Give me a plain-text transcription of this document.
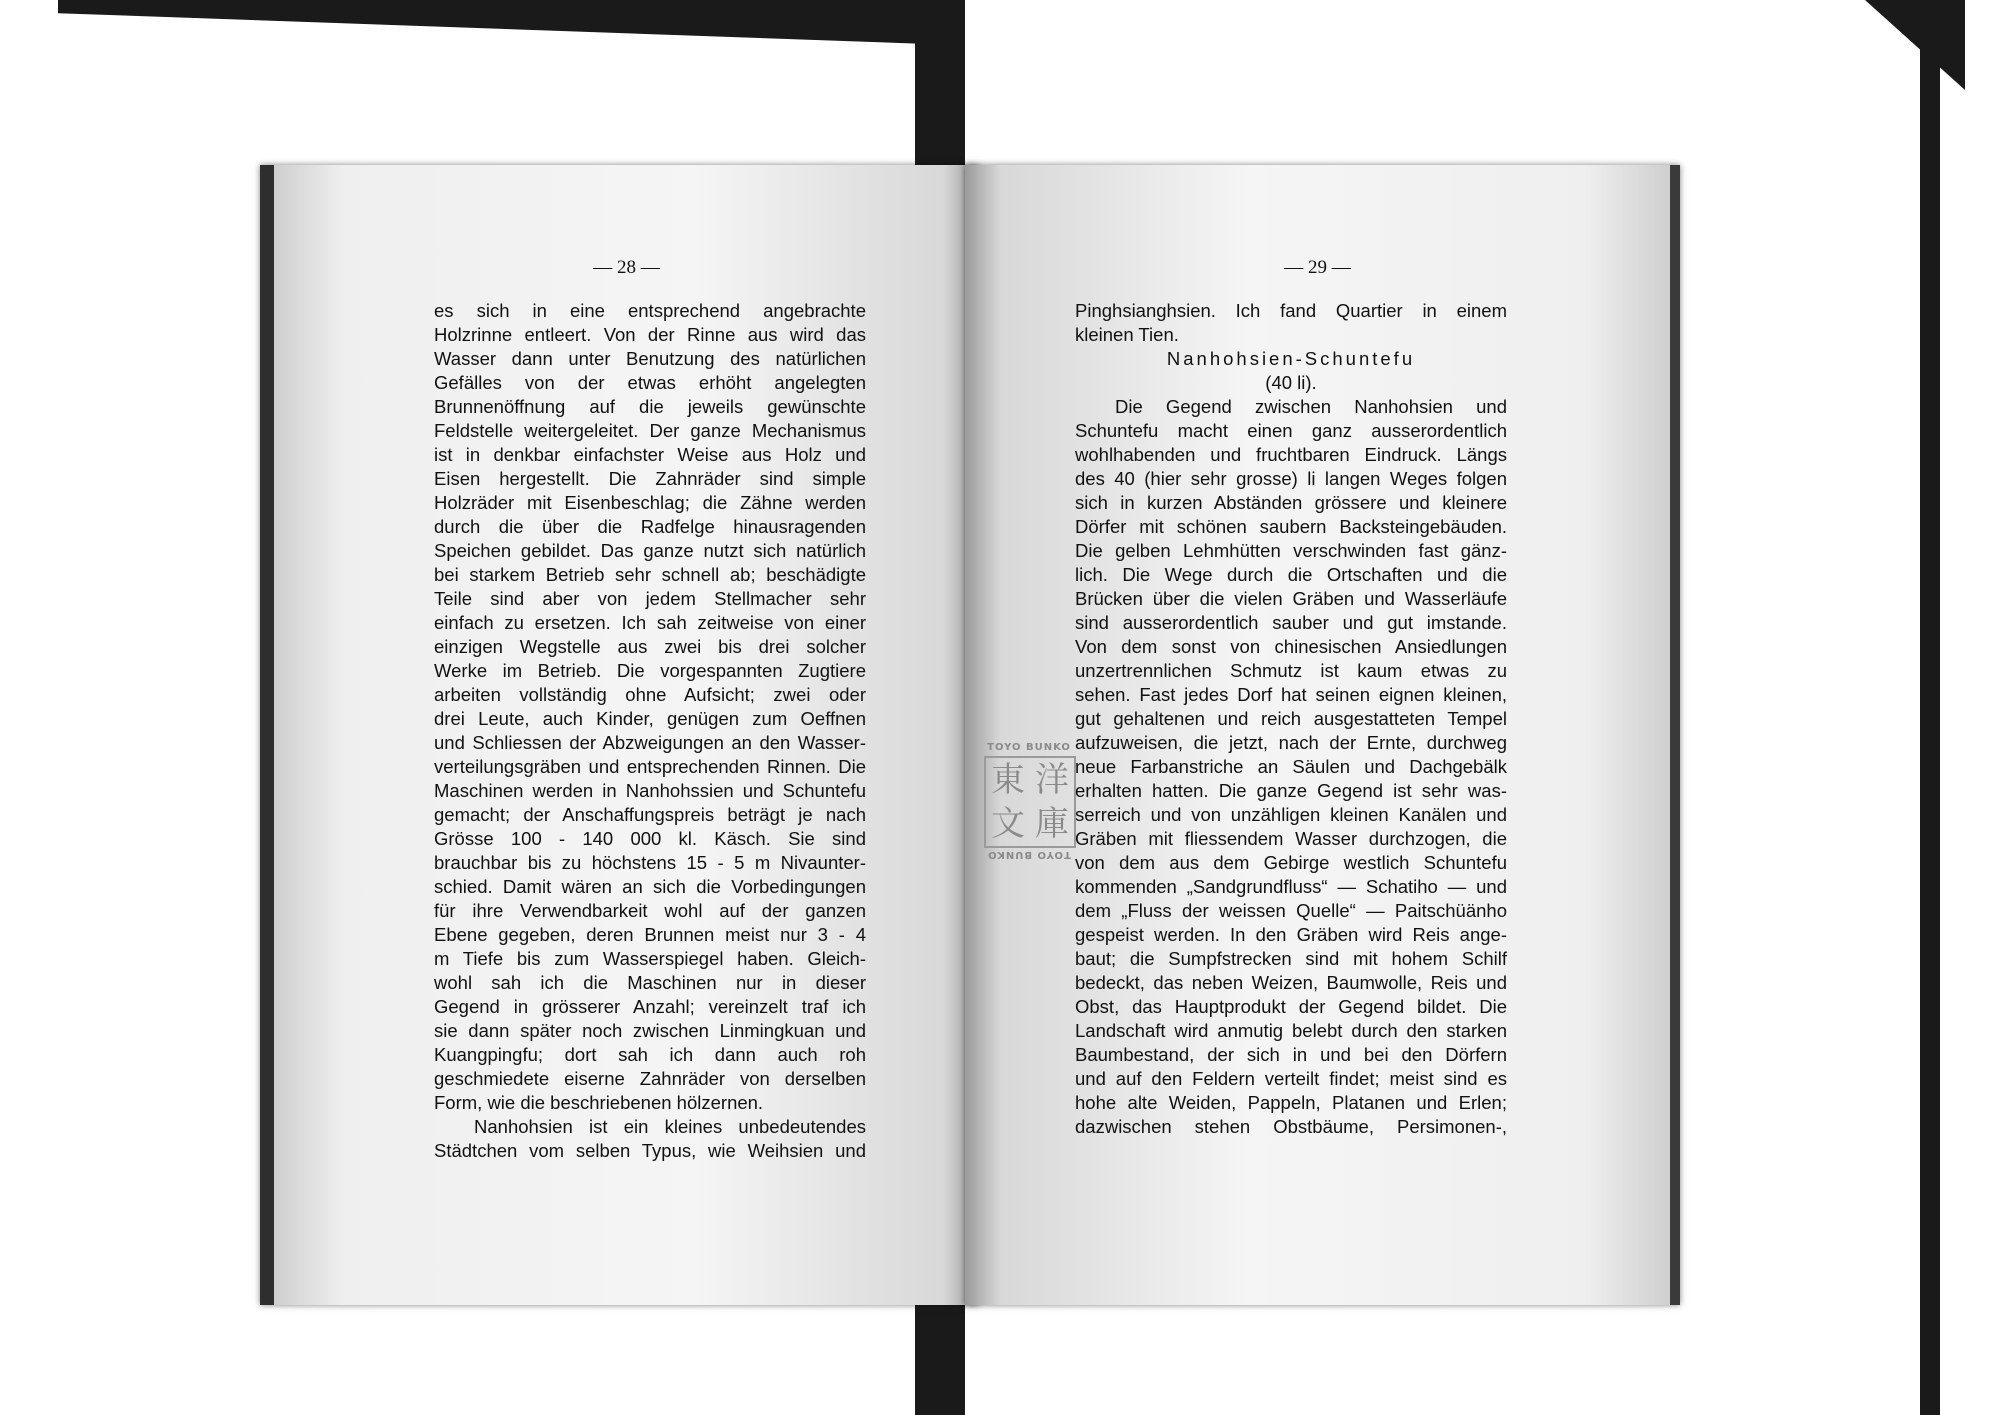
— 28 —
es sich in eine entsprechend angebrachte
Holzrinne entleert. Von der Rinne aus wird das
Wasser dann unter Benutzung des natürlichen
Gefälles von der etwas erhöht angelegten
Brunnenöffnung auf die jeweils gewünschte
Feldstelle weitergeleitet. Der ganze Mechanismus
ist in denkbar einfachster Weise aus Holz und
Eisen hergestellt. Die Zahnräder sind simple
Holzräder mit Eisenbeschlag; die Zähne werden
durch die über die Radfelge hinausragenden
Speichen gebildet. Das ganze nutzt sich natürlich
bei starkem Betrieb sehr schnell ab; beschädigte
Teile sind aber von jedem Stellmacher sehr
einfach zu ersetzen. Ich sah zeitweise von einer
einzigen Wegstelle aus zwei bis drei solcher
Werke im Betrieb. Die vorgespannten Zugtiere
arbeiten vollständig ohne Aufsicht; zwei oder
drei Leute, auch Kinder, genügen zum Oeffnen
und Schliessen der Abzweigungen an den Wasser-
verteilungsgräben und entsprechenden Rinnen. Die
Maschinen werden in Nanhohssien und Schuntefu
gemacht; der Anschaffungspreis beträgt je nach
Grösse 100 - 140 000 kl. Käsch. Sie sind
brauchbar bis zu höchstens 15 - 5 m Nivaunter-
schied. Damit wären an sich die Vorbedingungen
für ihre Verwendbarkeit wohl auf der ganzen
Ebene gegeben, deren Brunnen meist nur 3 - 4
m Tiefe bis zum Wasserspiegel haben. Gleich-
wohl sah ich die Maschinen nur in dieser
Gegend in grösserer Anzahl; vereinzelt traf ich
sie dann später noch zwischen Linmingkuan und
Kuangpingfu; dort sah ich dann auch roh
geschmiedete eiserne Zahnräder von derselben
Form, wie die beschriebenen hölzernen.
Nanhohsien ist ein kleines unbedeutendes
Städtchen vom selben Typus, wie Weihsien und
— 29 —
Pinghsianghsien. Ich fand Quartier in einem
kleinen Tien.
Nanhohsien-Schuntefu
(40 li).
Die Gegend zwischen Nanhohsien und
Schuntefu macht einen ganz ausserordentlich
wohlhabenden und fruchtbaren Eindruck. Längs
des 40 (hier sehr grosse) li langen Weges folgen
sich in kurzen Abständen grössere und kleinere
Dörfer mit schönen saubern Backsteingebäuden.
Die gelben Lehmhütten verschwinden fast gänz-
lich. Die Wege durch die Ortschaften und die
Brücken über die vielen Gräben und Wasserläufe
sind ausserordentlich sauber und gut imstande.
Von dem sonst von chinesischen Ansiedlungen
unzertrennlichen Schmutz ist kaum etwas zu
sehen. Fast jedes Dorf hat seinen eignen kleinen,
gut gehaltenen und reich ausgestatteten Tempel
aufzuweisen, die jetzt, nach der Ernte, durchweg
neue Farbanstriche an Säulen und Dachgebälk
erhalten hatten. Die ganze Gegend ist sehr was-
serreich und von unzähligen kleinen Kanälen und
Gräben mit fliessendem Wasser durchzogen, die
von dem aus dem Gebirge westlich Schuntefu
kommenden „Sandgrundfluss“ — Schatiho — und
dem „Fluss der weissen Quelle“ — Paitschüänho
gespeist werden. In den Gräben wird Reis ange-
baut; die Sumpfstrecken sind mit hohem Schilf
bedeckt, das neben Weizen, Baumwolle, Reis und
Obst, das Hauptprodukt der Gegend bildet. Die
Landschaft wird anmutig belebt durch den starken
Baumbestand, der sich in und bei den Dörfern
und auf den Feldern verteilt findet; meist sind es
hohe alte Weiden, Pappeln, Platanen und Erlen;
dazwischen stehen Obstbäume, Persimonen-,
TOYO BUNKO
東 洋
文 庫
TOYO BUNKO
